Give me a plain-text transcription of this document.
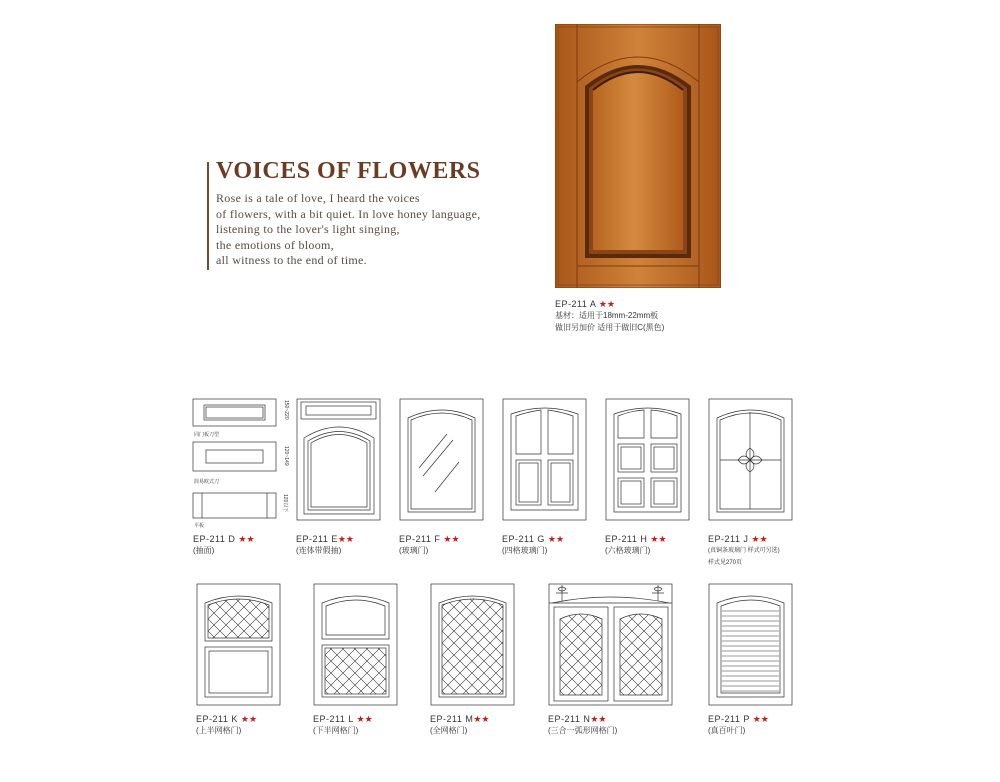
VOICES OF FLOWERS
Rose is a tale of love, I heard the voices
of flowers, with a bit quiet. In love honey language,
listening to the lover's light singing,
the emotions of bloom,
all witness to the end of time.
EP-211 A ★★
基材：适用于18mm-22mm板
做旧另加价 适用于做旧C(黑色)
同门板刀型
简易欧式刀
平板
150~220
120~149
120以下
EP-211 D ★★
(抽面)
EP-211 E★★
(连体带假抽)
EP-211 F ★★
(玻璃门)
EP-211 G ★★
(四格玻璃门)
EP-211 H ★★
(六格玻璃门)
EP-211 J ★★
(真铜条玻璃门 样式可另选)
样式见270页
EP-211 K ★★
(上半网格门)
EP-211 L ★★
(下半网格门)
EP-211 M★★
(全网格门)
EP-211 N★★
(三合一弧形网格门)
EP-211 P ★★
(真百叶门)
